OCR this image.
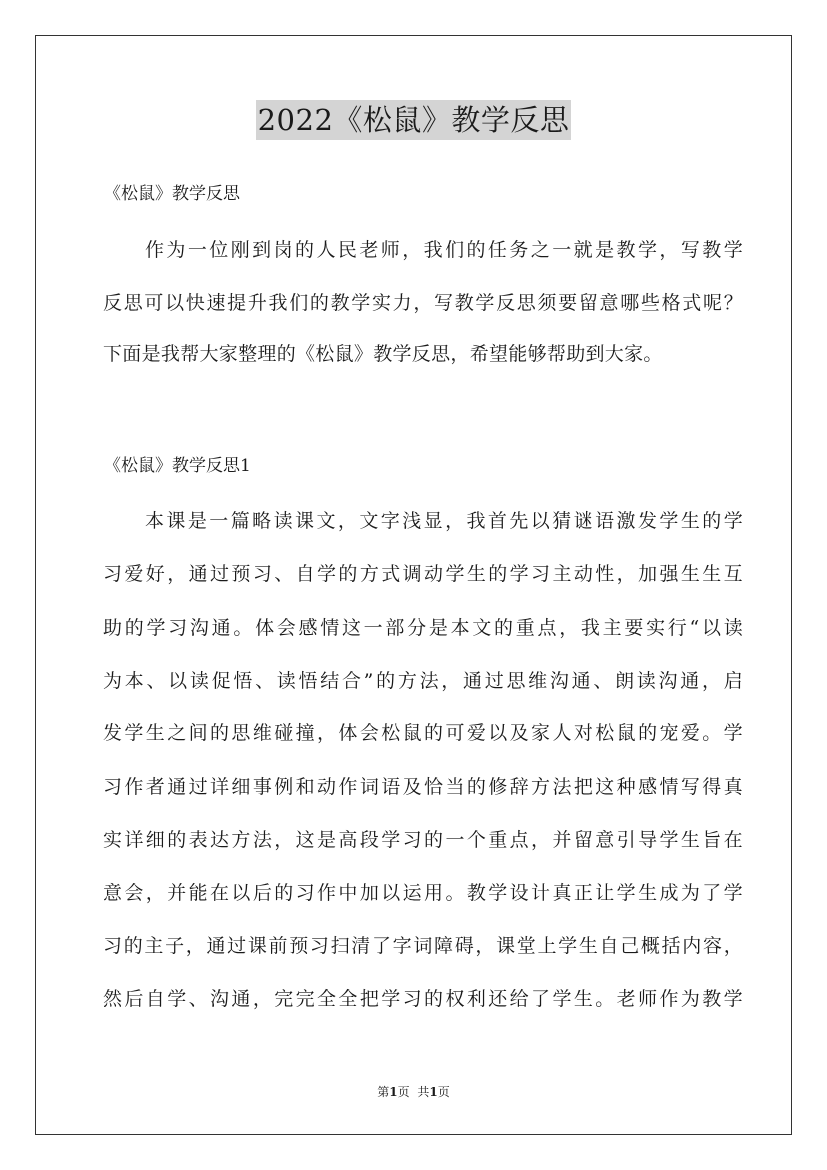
2022《松鼠》教学反思
《松鼠》教学反思
作为一位刚到岗的人民老师，我们的任务之一就是教学，写教学
反思可以快速提升我们的教学实力，写教学反思须要留意哪些格式呢？
下面是我帮大家整理的《松鼠》教学反思，希望能够帮助到大家。
《松鼠》教学反思1
本课是一篇略读课文，文字浅显，我首先以猜谜语激发学生的学
习爱好，通过预习、自学的方式调动学生的学习主动性，加强生生互
助的学习沟通。体会感情这一部分是本文的重点，我主要实行“以读
为本、以读促悟、读悟结合”的方法，通过思维沟通、朗读沟通，启
发学生之间的思维碰撞，体会松鼠的可爱以及家人对松鼠的宠爱。学
习作者通过详细事例和动作词语及恰当的修辞方法把这种感情写得真
实详细的表达方法，这是高段学习的一个重点，并留意引导学生旨在
意会，并能在以后的习作中加以运用。教学设计真正让学生成为了学
习的主子，通过课前预习扫清了字词障碍，课堂上学生自己概括内容，
然后自学、沟通，完完全全把学习的权利还给了学生。老师作为教学
第1页 共1页
